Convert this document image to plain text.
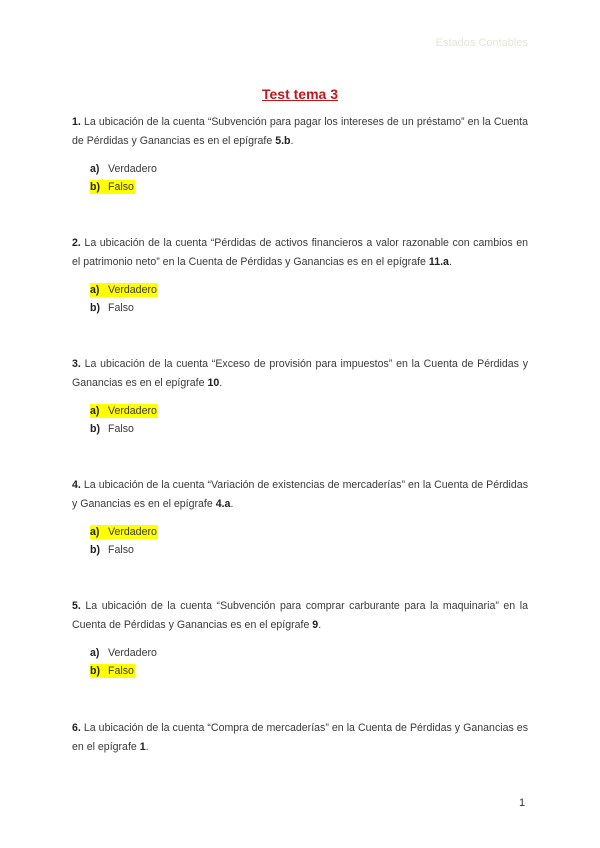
Estados Contables
Test tema 3
1. La ubicación de la cuenta “Subvención para pagar los intereses de un préstamo” en la Cuenta de Pérdidas y Ganancias es en el epígrafe 5.b.
a) Verdadero
b) Falso
2. La ubicación de la cuenta “Pérdidas de activos financieros a valor razonable con cambios en el patrimonio neto” en la Cuenta de Pérdidas y Ganancias es en el epígrafe 11.a.
a) Verdadero
b) Falso
3. La ubicación de la cuenta “Exceso de provisión para impuestos” en la Cuenta de Pérdidas y Ganancias es en el epígrafe 10.
a) Verdadero
b) Falso
4. La ubicación de la cuenta “Variación de existencias de mercaderías” en la Cuenta de Pérdidas y Ganancias es en el epígrafe 4.a.
a) Verdadero
b) Falso
5. La ubicación de la cuenta “Subvención para comprar carburante para la maquinaria” en la Cuenta de Pérdidas y Ganancias es en el epígrafe 9.
a) Verdadero
b) Falso
6. La ubicación de la cuenta “Compra de mercaderías” en la Cuenta de Pérdidas y Ganancias es en el epígrafe 1.
1
